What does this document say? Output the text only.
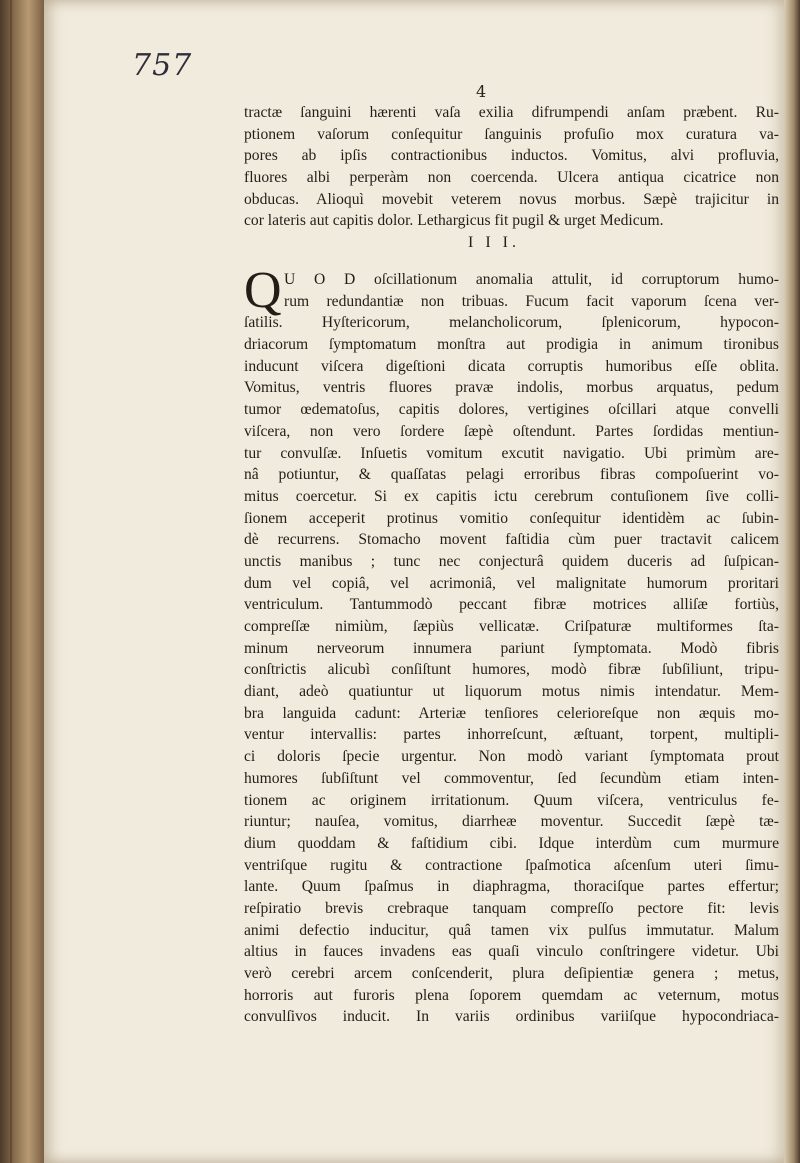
757
4
tractæ ſanguini hærenti vaſa exilia difrumpendi anſam præbent. Ru-
ptionem vaſorum conſequitur ſanguinis profuſio mox curatura va-
pores ab ipſis contractionibus inductos. Vomitus, alvi profluvia,
fluores albi perperàm non coercenda. Ulcera antiqua cicatrice non
obducas. Alioquì movebit veterem novus morbus. Sæpè trajicitur in
cor lateris aut capitis dolor. Lethargicus fit pugil & urget Medicum.
I I I.
Q U O D oſcillationum anomalia attulit, id corruptorum humo-
rum redundantiæ non tribuas. Fucum facit vaporum ſcena ver-
ſatilis. Hyſtericorum, melancholicorum, ſplenicorum, hypocon-
driacorum ſymptomatum monſtra aut prodigia in animum tironibus
inducunt viſcera digeſtioni dicata corruptis humoribus eſſe oblita.
Vomitus, ventris fluores pravæ indolis, morbus arquatus, pedum
tumor œdematoſus, capitis dolores, vertigines oſcillari atque convelli
viſcera, non vero ſordere ſæpè oſtendunt. Partes ſordidas mentiun-
tur convulſæ. Inſuetis vomitum excutit navigatio. Ubi primùm are-
nâ potiuntur, & quaſſatas pelagi erroribus fibras compoſuerint vo-
mitus coercetur. Si ex capitis ictu cerebrum contuſionem ſive colli-
ſionem acceperit protinus vomitio conſequitur identidèm ac ſubin-
dè recurrens. Stomacho movent faſtidia cùm puer tractavit calicem
unctis manibus ; tunc nec conjecturâ quidem duceris ad ſuſpican-
dum vel copiâ, vel acrimoniâ, vel malignitate humorum proritari
ventriculum. Tantummodò peccant fibræ motrices alliſæ fortiùs,
compreſſæ nimiùm, ſæpiùs vellicatæ. Criſpaturæ multiformes ſta-
minum nerveorum innumera pariunt ſymptomata. Modò fibris
conſtrictis alicubì conſiſtunt humores, modò fibræ ſubſiliunt, tripu-
diant, adeò quatiuntur ut liquorum motus nimis intendatur. Mem-
bra languida cadunt: Arteriæ tenſiores celerioreſque non æquis mo-
ventur intervallis: partes inhorreſcunt, æſtuant, torpent, multipli-
ci doloris ſpecie urgentur. Non modò variant ſymptomata prout
humores ſubſiſtunt vel commoventur, ſed ſecundùm etiam inten-
tionem ac originem irritationum. Quum viſcera, ventriculus fe-
riuntur; nauſea, vomitus, diarrheæ moventur. Succedit ſæpè tæ-
dium quoddam & faſtidium cibi. Idque interdùm cum murmure
ventriſque rugitu & contractione ſpaſmotica aſcenſum uteri ſimu-
lante. Quum ſpaſmus in diaphragma, thoraciſque partes effertur;
reſpiratio brevis crebraque tanquam compreſſo pectore fit: levis
animi defectio inducitur, quâ tamen vix pulſus immutatur. Malum
altius in fauces invadens eas quaſi vinculo conſtringere videtur. Ubi
verò cerebri arcem conſcenderit, plura deſipientiæ genera ; metus,
horroris aut furoris plena ſoporem quemdam ac veternum, motus
convulſivos inducit. In variis ordinibus variiſque hypocondriaca-
